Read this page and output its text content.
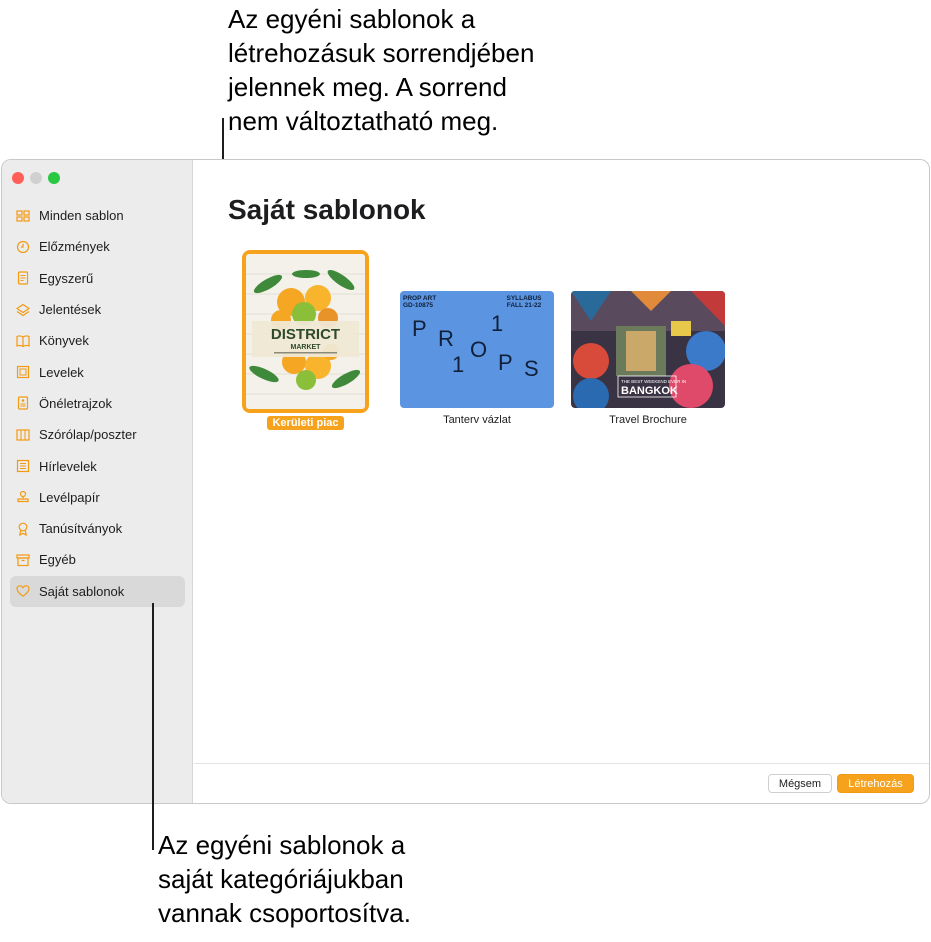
Az egyéni sablonok a
létrehozásuk sorrendjében
jelennek meg. A sorrend
nem változtatható meg.
Minden sablon
Előzmények
Egyszerű
Jelentések
Könyvek
Levelek
Önéletrajzok
Szórólap/poszter
Hírlevelek
Levélpapír
Tanúsítványok
Egyéb
Saját sablonok
Saját sablonok
DISTRICT
MARKET
Kerületi piac
PROP ART
GD-10875
SYLLABUS
FALL 21-22
P R
1
O
1 P S
Tanterv vázlat
THE BEST WEEKEND EVER IN
BANGKOK
Travel Brochure
Mégsem	Létrehozás
Az egyéni sablonok a
saját kategóriájukban
vannak csoportosítva.
